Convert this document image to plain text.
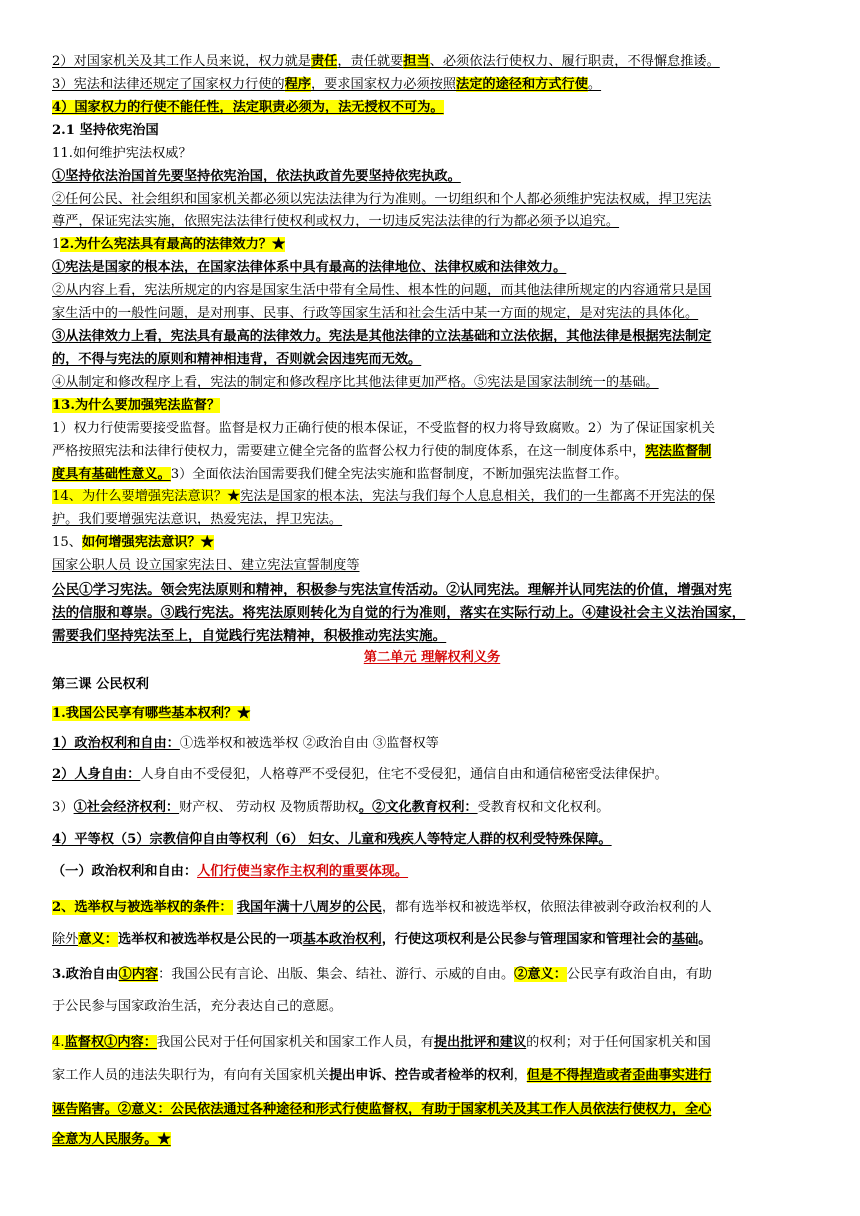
2）对国家机关及其工作人员来说，权力就是责任，责任就要担当、必须依法行使权力、履行职责，不得懈怠推诿。
3）宪法和法律还规定了国家权力行使的程序，要求国家权力必须按照法定的途径和方式行使。
4）国家权力的行使不能任性，法定职责必须为，法无授权不可为。
2.1 坚持依宪治国
11.如何维护宪法权威？
①坚持依法治国首先要坚持依宪治国，依法执政首先要坚持依宪执政。
②任何公民、社会组织和国家机关都必须以宪法法律为行为准则。一切组织和个人都必须维护宪法权威，捍卫宪法
尊严，保证宪法实施，依照宪法法律行使权利或权力，一切违反宪法法律的行为都必须予以追究。
12.为什么宪法具有最高的法律效力？★
①宪法是国家的根本法，在国家法律体系中具有最高的法律地位、法律权威和法律效力。
②从内容上看，宪法所规定的内容是国家生活中带有全局性、根本性的问题，而其他法律所规定的内容通常只是国
家生活中的一般性问题，是对刑事、民事、行政等国家生活和社会生活中某一方面的规定，是对宪法的具体化。
③从法律效力上看，宪法具有最高的法律效力。宪法是其他法律的立法基础和立法依据，其他法律是根据宪法制定
的，不得与宪法的原则和精神相违背，否则就会因违宪而无效。
④从制定和修改程序上看，宪法的制定和修改程序比其他法律更加严格。⑤宪法是国家法制统一的基础。
13.为什么要加强宪法监督？
1）权力行使需要接受监督。监督是权力正确行使的根本保证，不受监督的权力将导致腐败。2）为了保证国家机关
严格按照宪法和法律行使权力，需要建立健全完备的监督公权力行使的制度体系，在这一制度体系中，宪法监督制
度具有基础性意义。3）全面依法治国需要我们健全宪法实施和监督制度，不断加强宪法监督工作。
14、为什么要增强宪法意识？★宪法是国家的根本法，宪法与我们每个人息息相关，我们的一生都离不开宪法的保
护。我们要增强宪法意识，热爱宪法，捍卫宪法。
15、如何增强宪法意识？★
国家公职人员 设立国家宪法日、建立宪法宣誓制度等
公民①学习宪法。领会宪法原则和精神，积极参与宪法宣传活动。②认同宪法。理解并认同宪法的价值，增强对宪
法的信服和尊崇。③践行宪法。将宪法原则转化为自觉的行为准则，落实在实际行动上。④建设社会主义法治国家，
需要我们坚持宪法至上，自觉践行宪法精神，积极推动宪法实施。
第二单元 理解权利义务
第三课 公民权利
1.我国公民享有哪些基本权利？★
1）政治权利和自由：①选举权和被选举权 ②政治自由 ③监督权等
2）人身自由：人身自由不受侵犯，人格尊严不受侵犯，住宅不受侵犯，通信自由和通信秘密受法律保护。
3）①社会经济权利：财产权、 劳动权 及物质帮助权。②文化教育权利：受教育权和文化权利。
4）平等权（5）宗教信仰自由等权利（6） 妇女、儿童和残疾人等特定人群的权利受特殊保障。
（一）政治权利和自由：人们行使当家作主权利的重要体现。
2、选举权与被选举权的条件： 我国年满十八周岁的公民，都有选举权和被选举权，依照法律被剥夺政治权利的人
除外意义：选举权和被选举权是公民的一项基本政治权利，行使这项权利是公民参与管理国家和管理社会的基础。
3.政治自由①内容：我国公民有言论、出版、集会、结社、游行、示威的自由。②意义：公民享有政治自由，有助
于公民参与国家政治生活，充分表达自己的意愿。
4.监督权①内容：我国公民对于任何国家机关和国家工作人员，有提出批评和建议的权利；对于任何国家机关和国
家工作人员的违法失职行为，有向有关国家机关提出申诉、控告或者检举的权利，但是不得捏造或者歪曲事实进行
诬告陷害。②意义：公民依法通过各种途径和形式行使监督权，有助于国家机关及其工作人员依法行使权力，全心
全意为人民服务。★
